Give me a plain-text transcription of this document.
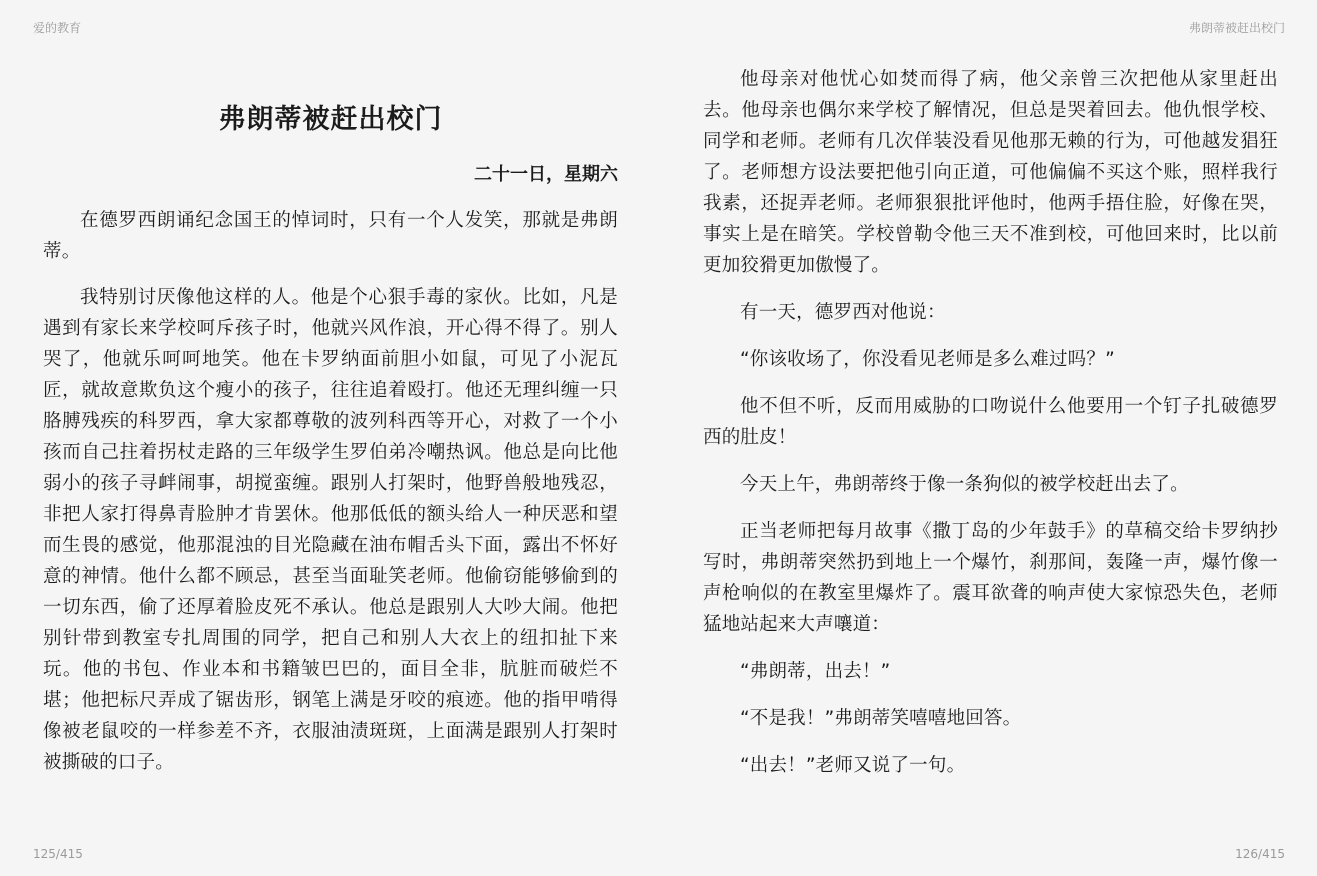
爱的教育	弗朗蒂被赶出校门
弗朗蒂被赶出校门
二十一日，星期六

在德罗西朗诵纪念国王的悼词时，只有一个人发笑，那就是弗朗蒂。

我特别讨厌像他这样的人。他是个心狠手毒的家伙。比如，凡是遇到有家长来学校呵斥孩子时，他就兴风作浪，开心得不得了。别人哭了，他就乐呵呵地笑。他在卡罗纳面前胆小如鼠，可见了小泥瓦匠，就故意欺负这个瘦小的孩子，往往追着殴打。他还无理纠缠一只胳膊残疾的科罗西，拿大家都尊敬的波列科西等开心，对救了一个小孩而自己拄着拐杖走路的三年级学生罗伯弟冷嘲热讽。他总是向比他弱小的孩子寻衅闹事，胡搅蛮缠。跟别人打架时，他野兽般地残忍，非把人家打得鼻青脸肿才肯罢休。他那低低的额头给人一种厌恶和望而生畏的感觉，他那混浊的目光隐藏在油布帽舌头下面，露出不怀好意的神情。他什么都不顾忌，甚至当面耻笑老师。他偷窃能够偷到的一切东西，偷了还厚着脸皮死不承认。他总是跟别人大吵大闹。他把别针带到教室专扎周围的同学，把自己和别人大衣上的纽扣扯下来玩。他的书包、作业本和书籍皱巴巴的，面目全非，肮脏而破烂不堪；他把标尺弄成了锯齿形，钢笔上满是牙咬的痕迹。他的指甲啃得像被老鼠咬的一样参差不齐，衣服油渍斑斑，上面满是跟别人打架时被撕破的口子。

他母亲对他忧心如焚而得了病，他父亲曾三次把他从家里赶出去。他母亲也偶尔来学校了解情况，但总是哭着回去。他仇恨学校、同学和老师。老师有几次佯装没看见他那无赖的行为，可他越发猖狂了。老师想方设法要把他引向正道，可他偏偏不买这个账，照样我行我素，还捉弄老师。老师狠狠批评他时，他两手捂住脸，好像在哭，事实上是在暗笑。学校曾勒令他三天不准到校，可他回来时，比以前更加狡猾更加傲慢了。

有一天，德罗西对他说：

“你该收场了，你没看见老师是多么难过吗？”

他不但不听，反而用威胁的口吻说什么他要用一个钉子扎破德罗西的肚皮！

今天上午，弗朗蒂终于像一条狗似的被学校赶出去了。

正当老师把每月故事《撒丁岛的少年鼓手》的草稿交给卡罗纳抄写时，弗朗蒂突然扔到地上一个爆竹，刹那间，轰隆一声，爆竹像一声枪响似的在教室里爆炸了。震耳欲聋的响声使大家惊恐失色，老师猛地站起来大声嚷道：

“弗朗蒂，出去！”

“不是我！”弗朗蒂笑嘻嘻地回答。

“出去！”老师又说了一句。

125/415	126/415
